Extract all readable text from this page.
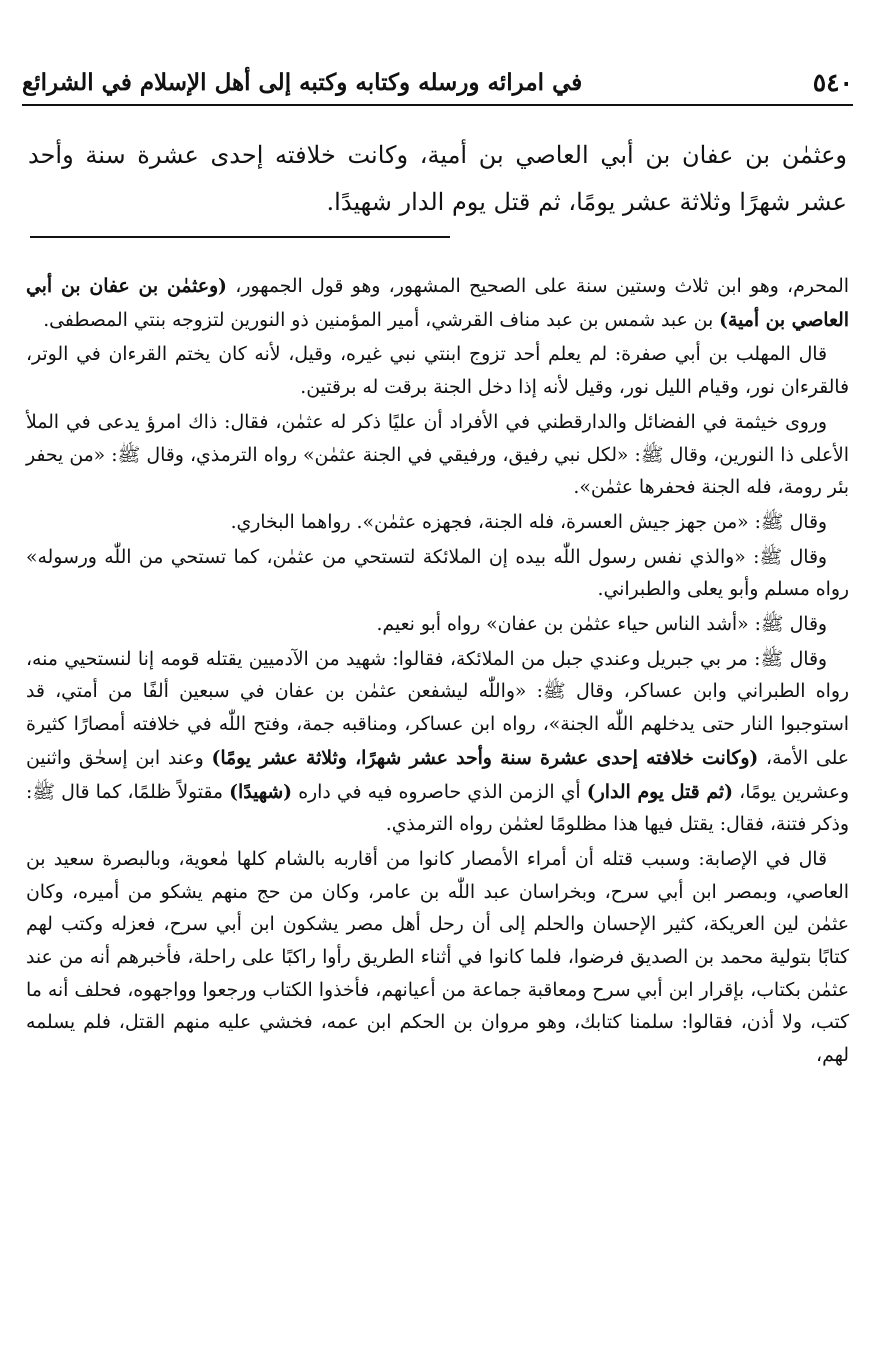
٥٤٠
في امرائه ورسله وكتابه وكتبه إلى أهل الإسلام في الشرائع

وعثمٰن بن عفان بن أبي العاصي بن أمية، وكانت خلافته إحدى عشرة سنة وأحد عشر شهرًا وثلاثة عشر يومًا، ثم قتل يوم الدار شهيدًا.

المحرم، وهو ابن ثلاث وستين سنة على الصحيح المشهور، وهو قول الجمهور، (وعثمٰن بن عفان بن أبي العاصي بن أمية) بن عبد شمس بن عبد مناف القرشي، أمير المؤمنين ذو النورين لتزوجه بنتي المصطفى.

قال المهلب بن أبي صفرة: لم يعلم أحد تزوج ابنتي نبي غيره، وقيل، لأنه كان يختم القرءان في الوتر، فالقرءان نور، وقيام الليل نور، وقيل لأنه إذا دخل الجنة برقت له برقتين.

وروى خيثمة في الفضائل والدارقطني في الأفراد أن عليًا ذكر له عثمٰن، فقال: ذاك امرؤ يدعى في الملأ الأعلى ذا النورين، وقال ﷺ: «لكل نبي رفيق، ورفيقي في الجنة عثمٰن» رواه الترمذي، وقال ﷺ: «من يحفر بئر رومة، فله الجنة فحفرها عثمٰن».

وقال ﷺ: «من جهز جيش العسرة، فله الجنة، فجهزه عثمٰن». رواهما البخاري.

وقال ﷺ: «والذي نفس رسول اللّٰه بيده إن الملائكة لتستحي من عثمٰن، كما تستحي من اللّٰه ورسوله» رواه مسلم وأبو يعلى والطبراني.

وقال ﷺ: «أشد الناس حياء عثمٰن بن عفان» رواه أبو نعيم.

وقال ﷺ: مر بي جبريل وعندي جبل من الملائكة، فقالوا: شهيد من الآدميين يقتله قومه إنا لنستحيي منه، رواه الطبراني وابن عساكر، وقال ﷺ: «واللّٰه ليشفعن عثمٰن بن عفان في سبعين ألفًا من أمتي، قد استوجبوا النار حتى يدخلهم اللّٰه الجنة»، رواه ابن عساكر، ومناقبه جمة، وفتح اللّٰه في خلافته أمصارًا كثيرة على الأمة، (وكانت خلافته إحدى عشرة سنة وأحد عشر شهرًا، وثلاثة عشر يومًا) وعند ابن إسحٰق واثنين وعشرين يومًا، (ثم قتل يوم الدار) أي الزمن الذي حاصروه فيه في داره (شهيدًا) مقتولاً ظلمًا، كما قال ﷺ: وذكر فتنة، فقال: يقتل فيها هذا مظلومًا لعثمٰن رواه الترمذي.

قال في الإصابة: وسبب قتله أن أمراء الأمصار كانوا من أقاربه بالشام كلها مٰعوية، وبالبصرة سعيد بن العاصي، وبمصر ابن أبي سرح، وبخراسان عبد اللّٰه بن عامر، وكان من حج منهم يشكو من أميره، وكان عثمٰن لين العريكة، كثير الإحسان والحلم إلى أن رحل أهل مصر يشكون ابن أبي سرح، فعزله وكتب لهم كتابًا بتولية محمد بن الصديق فرضوا، فلما كانوا في أثناء الطريق رأوا راكبًا على راحلة، فأخبرهم أنه من عند عثمٰن بكتاب، بإقرار ابن أبي سرح ومعاقبة جماعة من أعيانهم، فأخذوا الكتاب ورجعوا وواجهوه، فحلف أنه ما كتب، ولا أذن، فقالوا: سلمنا كتابك، وهو مروان بن الحكم ابن عمه، فخشي عليه منهم القتل، فلم يسلمه لهم،
